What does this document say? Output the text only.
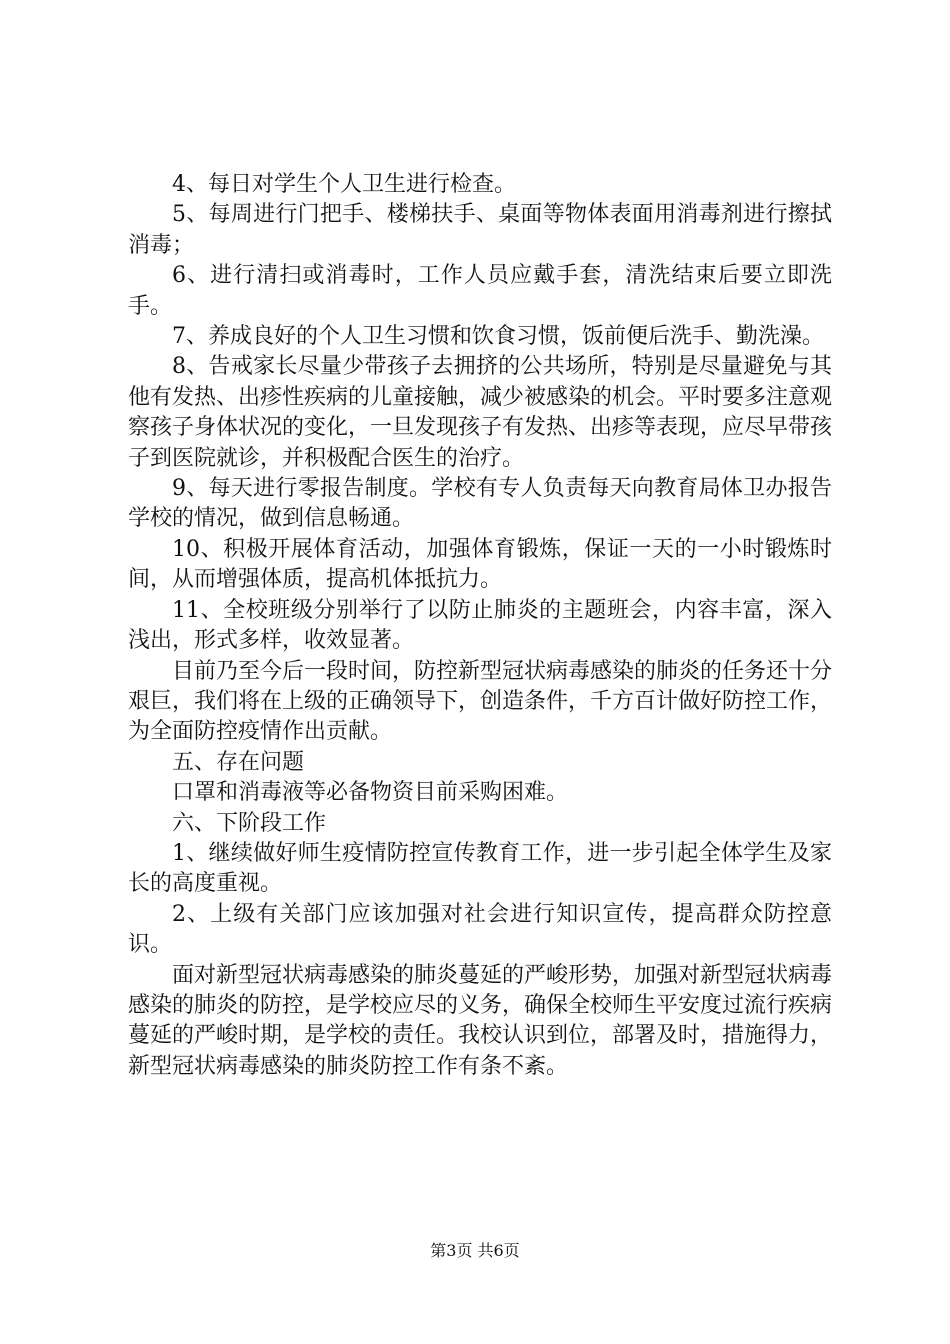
4、每日对学生个人卫生进行检查。

5、每周进行门把手、楼梯扶手、桌面等物体表面用消毒剂进行擦拭消毒；

6、进行清扫或消毒时，工作人员应戴手套，清洗结束后要立即洗手。

7、养成良好的个人卫生习惯和饮食习惯，饭前便后洗手、勤洗澡。

8、告戒家长尽量少带孩子去拥挤的公共场所，特别是尽量避免与其他有发热、出疹性疾病的儿童接触，减少被感染的机会。平时要多注意观察孩子身体状况的变化，一旦发现孩子有发热、出疹等表现，应尽早带孩子到医院就诊，并积极配合医生的治疗。

9、每天进行零报告制度。学校有专人负责每天向教育局体卫办报告学校的情况，做到信息畅通。

10、积极开展体育活动，加强体育锻炼，保证一天的一小时锻炼时间，从而增强体质，提高机体抵抗力。

11、全校班级分别举行了以防止肺炎的主题班会，内容丰富，深入浅出，形式多样，收效显著。

目前乃至今后一段时间，防控新型冠状病毒感染的肺炎的任务还十分艰巨，我们将在上级的正确领导下，创造条件，千方百计做好防控工作，为全面防控疫情作出贡献。

五、存在问题

口罩和消毒液等必备物资目前采购困难。

六、下阶段工作

1、继续做好师生疫情防控宣传教育工作，进一步引起全体学生及家长的高度重视。

2、上级有关部门应该加强对社会进行知识宣传，提高群众防控意识。

面对新型冠状病毒感染的肺炎蔓延的严峻形势，加强对新型冠状病毒感染的肺炎的防控，是学校应尽的义务，确保全校师生平安度过流行疾病蔓延的严峻时期，是学校的责任。我校认识到位，部署及时，措施得力，新型冠状病毒感染的肺炎防控工作有条不紊。

第3页 共6页
